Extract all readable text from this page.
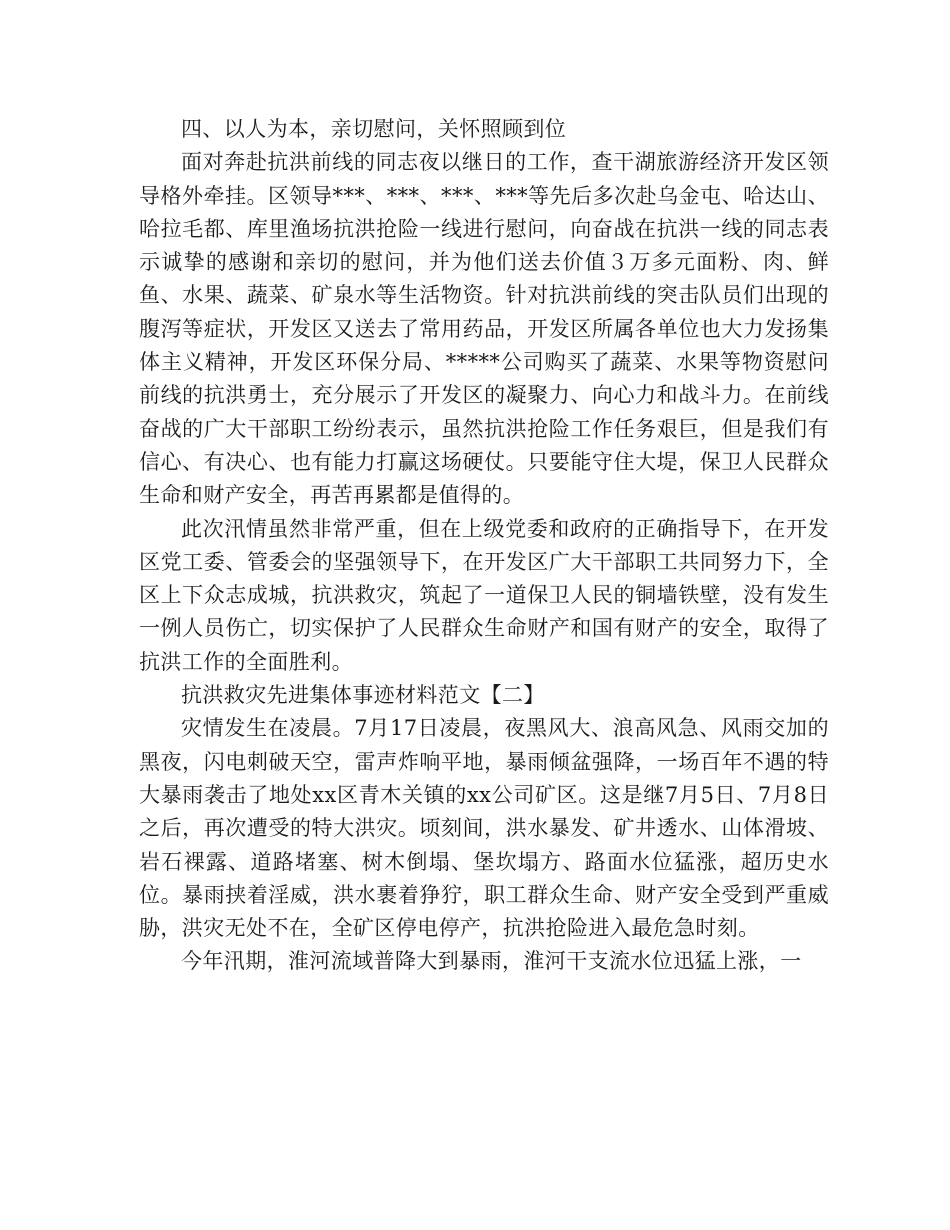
四、以人为本，亲切慰问，关怀照顾到位

面对奔赴抗洪前线的同志夜以继日的工作，查干湖旅游经济开发区领导格外牵挂。区领导***、***、***、***等先后多次赴乌金屯、哈达山、哈拉毛都、库里渔场抗洪抢险一线进行慰问，向奋战在抗洪一线的同志表示诚挚的感谢和亲切的慰问，并为他们送去价值３万多元面粉、肉、鲜鱼、水果、蔬菜、矿泉水等生活物资。针对抗洪前线的突击队员们出现的腹泻等症状，开发区又送去了常用药品，开发区所属各单位也大力发扬集体主义精神，开发区环保分局、*****公司购买了蔬菜、水果等物资慰问前线的抗洪勇士，充分展示了开发区的凝聚力、向心力和战斗力。在前线奋战的广大干部职工纷纷表示，虽然抗洪抢险工作任务艰巨，但是我们有信心、有决心、也有能力打赢这场硬仗。只要能守住大堤，保卫人民群众生命和财产安全，再苦再累都是值得的。

此次汛情虽然非常严重，但在上级党委和政府的正确指导下，在开发区党工委、管委会的坚强领导下，在开发区广大干部职工共同努力下，全区上下众志成城，抗洪救灾，筑起了一道保卫人民的铜墙铁壁，没有发生一例人员伤亡，切实保护了人民群众生命财产和国有财产的安全，取得了抗洪工作的全面胜利。

抗洪救灾先进集体事迹材料范文【二】

灾情发生在凌晨。7月17日凌晨，夜黑风大、浪高风急、风雨交加的黑夜，闪电刺破天空，雷声炸响平地，暴雨倾盆强降，一场百年不遇的特大暴雨袭击了地处xx区青木关镇的xx公司矿区。这是继7月5日、7月8日之后，再次遭受的特大洪灾。顷刻间，洪水暴发、矿井透水、山体滑坡、岩石裸露、道路堵塞、树木倒塌、堡坎塌方、路面水位猛涨，超历史水位。暴雨挟着淫威，洪水裹着狰狞，职工群众生命、财产安全受到严重威胁，洪灾无处不在，全矿区停电停产，抗洪抢险进入最危急时刻。

今年汛期，淮河流域普降大到暴雨，淮河干支流水位迅猛上涨，一
